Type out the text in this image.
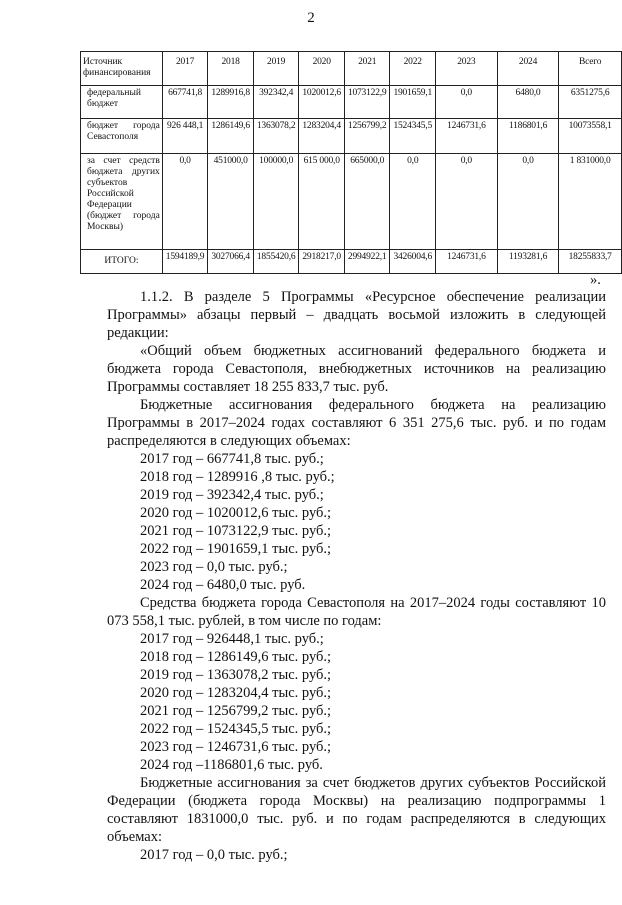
2
Источник финансирования	2017	2018	2019	2020	2021	2022	2023	2024	Всего
федеральный бюджет	667741,8	1289916,8	392342,4	1020012,6	1073122,9	1901659,1	0,0	6480,0	6351275,6
бюджет города Севастополя	926 448,1	1286149,6	1363078,2	1283204,4	1256799,2	1524345,5	1246731,6	1186801,6	10073558,1
за счет средств бюджета других субъектов Российской Федерации (бюджет города Москвы)	0,0	451000,0	100000,0	615 000,0	665000,0	0,0	0,0	0,0	1 831000,0
ИТОГО:	1594189,9	3027066,4	1855420,6	2918217,0	2994922,1	3426004,6	1246731,6	1193281,6	18255833,7
».

1.1.2. В разделе 5 Программы «Ресурсное обеспечение реализации Программы» абзацы первый – двадцать восьмой изложить в следующей редакции:

«Общий объем бюджетных ассигнований федерального бюджета и бюджета города Севастополя, внебюджетных источников на реализацию Программы составляет 18 255 833,7 тыс. руб.

Бюджетные ассигнования федерального бюджета на реализацию Программы в 2017–2024 годах составляют 6 351 275,6 тыс. руб. и по годам распределяются в следующих объемах:

2017 год – 667741,8 тыс. руб.;

2018 год – 1289916 ,8 тыс. руб.;

2019 год – 392342,4 тыс. руб.;

2020 год – 1020012,6 тыс. руб.;

2021 год – 1073122,9 тыс. руб.;

2022 год – 1901659,1 тыс. руб.;

2023 год – 0,0 тыс. руб.;

2024 год – 6480,0 тыс. руб.

Средства бюджета города Севастополя на 2017–2024 годы составляют 10 073 558,1 тыс. рублей, в том числе по годам:

2017 год – 926448,1 тыс. руб.;

2018 год – 1286149,6 тыс. руб.;

2019 год – 1363078,2 тыс. руб.;

2020 год – 1283204,4 тыс. руб.;

2021 год – 1256799,2 тыс. руб.;

2022 год – 1524345,5 тыс. руб.;

2023 год – 1246731,6 тыс. руб.;

2024 год –1186801,6 тыс. руб.

Бюджетные ассигнования за счет бюджетов других субъектов Российской Федерации (бюджета города Москвы) на реализацию подпрограммы 1 составляют 1831000,0 тыс. руб. и по годам распределяются в следующих объемах:

2017 год – 0,0 тыс. руб.;
